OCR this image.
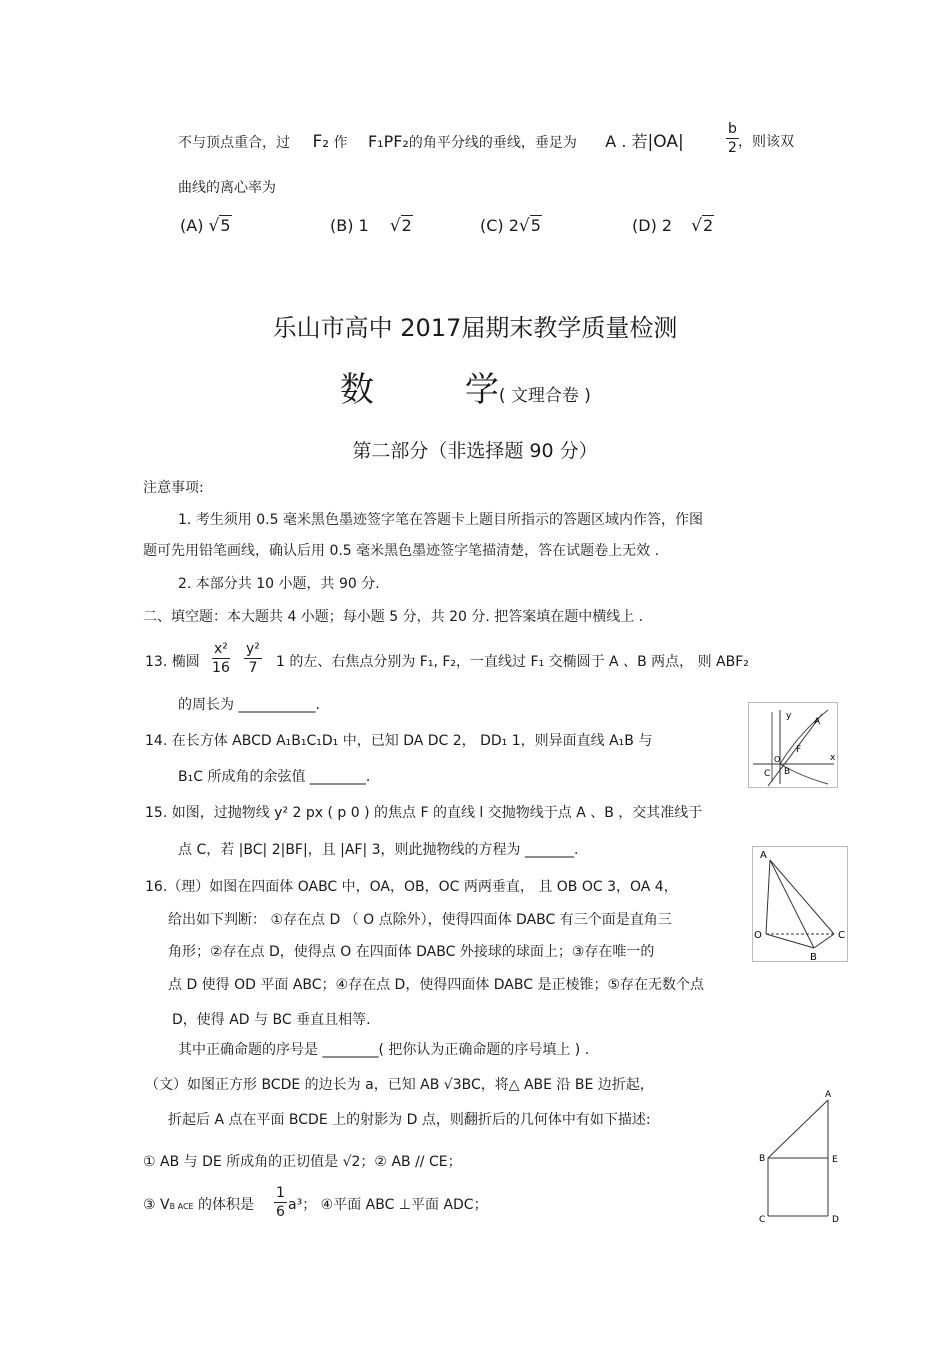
不与顶点重合，过 F₂ 作 F₁PF₂的角平分线的垂线，垂足为 A . 若|OA|	$\frac{b}{2}$ ，则该双
曲线的离心率为
(A) √5	(B) 1 √2	(C) 2√5	(D) 2 √2
乐山市高中 2017届期末教学质量检测
数	学( 文理合卷 )
第二部分（非选择题 90 分）
注意事项:
1. 考生须用 0.5 毫米黑色墨迹签字笔在答题卡上题目所指示的答题区域内作答，作图
题可先用铅笔画线，确认后用 0.5 毫米黑色墨迹签字笔描清楚，答在试题卷上无效 .
2. 本部分共 10 小题，共 90 分.
二、填空题：本大题共 4 小题；每小题 5 分，共 20 分. 把答案填在题中横线上 .
13. 椭圆 $\frac{\text{x²}}{16} \frac{\text{y²}}{7} 1$ 的左、右焦点分别为 F₁, F₂，一直线过 F₁ 交椭圆于 A 、B 两点， 则 ABF₂
的周长为 ___________.
14. 在长方体 ABCD A₁B₁C₁D₁ 中，已知 DA DC 2， DD₁ 1，则异面直线 A₁B 与
B₁C 所成角的余弦值 ________.
y
A
F
O
B
C
x
15. 如图，过抛物线 y² 2 px ( p 0 ) 的焦点 F 的直线 l 交抛物线于点 A 、B ，交其准线于
点 C，若 |BC| 2|BF|，且 |AF| 3，则此抛物线的方程为 _______.	A
O	C
B
16.（理）如图在四面体 OABC 中，OA，OB，OC 两两垂直， 且 OB OC 3，OA 4，
给出如下判断： ①存在点 D （ O 点除外），使得四面体 DABC 有三个面是直角三
角形；②存在点 D，使得点 O 在四面体 DABC 外接球的球面上；③存在唯一的
点 D 使得 OD 平面 ABC；④存在点 D，使得四面体 DABC 是正棱锥；⑤存在无数个点
D，使得 AD 与 BC 垂直且相等.
其中正确命题的序号是 ________( 把你认为正确命题的序号填上 ) .
（文）如图正方形 BCDE 的边长为 a，已知 AB √3BC，将△ ABE 沿 BE 边折起，
折起后 A 点在平面 BCDE 上的射影为 D 点，则翻折后的几何体中有如下描述:
① AB 与 DE 所成角的正切值是 √2；② AB // CE；
③ VB ACE 的体积是 $\frac{1}{6} a^3$； ④平面 ABC ⊥平面 ADC；
A
B	E
C	D
